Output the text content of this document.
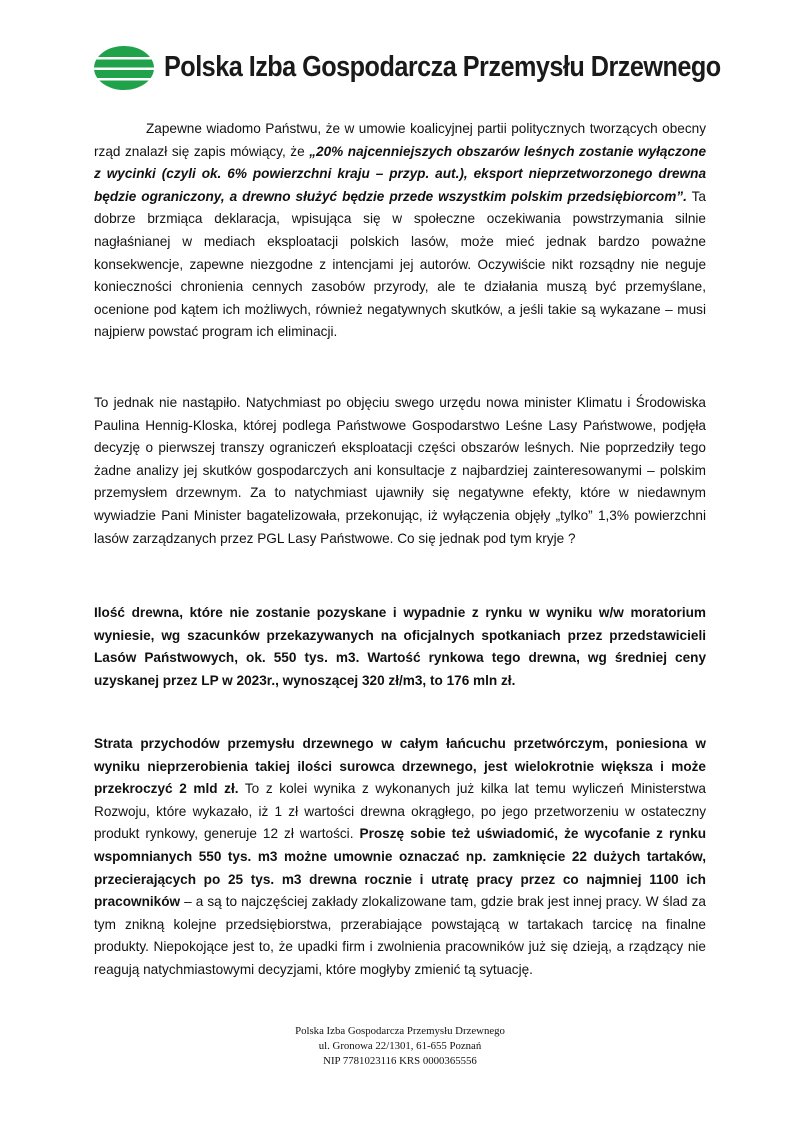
Polska Izba Gospodarcza Przemysłu Drzewnego

Zapewne wiadomo Państwu, że w umowie koalicyjnej partii politycznych tworzących obecny rząd znalazł się zapis mówiący, że „20% najcenniejszych obszarów leśnych zostanie wyłączone z wycinki (czyli ok. 6% powierzchni kraju – przyp. aut.), eksport nieprzetworzonego drewna będzie ograniczony, a drewno służyć będzie przede wszystkim polskim przedsiębiorcom”. Ta dobrze brzmiąca deklaracja, wpisująca się w społeczne oczekiwania powstrzymania silnie nagłaśnianej w mediach eksploatacji polskich lasów, może mieć jednak bardzo poważne konsekwencje, zapewne niezgodne z intencjami jej autorów. Oczywiście nikt rozsądny nie neguje konieczności chronienia cennych zasobów przyrody, ale te działania muszą być przemyślane, ocenione pod kątem ich możliwych, również negatywnych skutków, a jeśli takie są wykazane – musi najpierw powstać program ich eliminacji.

To jednak nie nastąpiło. Natychmiast po objęciu swego urzędu nowa minister Klimatu i Środowiska Paulina Hennig-Kloska, której podlega Państwowe Gospodarstwo Leśne Lasy Państwowe, podjęła decyzję o pierwszej transzy ograniczeń eksploatacji części obszarów leśnych. Nie poprzedziły tego żadne analizy jej skutków gospodarczych ani konsultacje z najbardziej zainteresowanymi – polskim przemysłem drzewnym. Za to natychmiast ujawniły się negatywne efekty, które w niedawnym wywiadzie Pani Minister bagatelizowała, przekonując, iż wyłączenia objęły „tylko” 1,3% powierzchni lasów zarządzanych przez PGL Lasy Państwowe. Co się jednak pod tym kryje ?

Ilość drewna, które nie zostanie pozyskane i wypadnie z rynku w wyniku w/w moratorium wyniesie, wg szacunków przekazywanych na oficjalnych spotkaniach przez przedstawicieli Lasów Państwowych, ok. 550 tys. m3. Wartość rynkowa tego drewna, wg średniej ceny uzyskanej przez LP w 2023r., wynoszącej 320 zł/m3, to 176 mln zł.

Strata przychodów przemysłu drzewnego w całym łańcuchu przetwórczym, poniesiona w wyniku nieprzerobienia takiej ilości surowca drzewnego, jest wielokrotnie większa i może przekroczyć 2 mld zł. To z kolei wynika z wykonanych już kilka lat temu wyliczeń Ministerstwa Rozwoju, które wykazało, iż 1 zł wartości drewna okrągłego, po jego przetworzeniu w ostateczny produkt rynkowy, generuje 12 zł wartości. Proszę sobie też uświadomić, że wycofanie z rynku wspomnianych 550 tys. m3 możne umownie oznaczać np. zamknięcie 22 dużych tartaków, przecierających po 25 tys. m3 drewna rocznie i utratę pracy przez co najmniej 1100 ich pracowników – a są to najczęściej zakłady zlokalizowane tam, gdzie brak jest innej pracy. W ślad za tym znikną kolejne przedsiębiorstwa, przerabiające powstającą w tartakach tarcicę na finalne produkty. Niepokojące jest to, że upadki firm i zwolnienia pracowników już się dzieją, a rządzący nie reagują natychmiastowymi decyzjami, które mogłyby zmienić tą sytuację.

Polska Izba Gospodarcza Przemysłu Drzewnego
ul. Gronowa 22/1301, 61-655 Poznań
NIP 7781023116 KRS 0000365556
